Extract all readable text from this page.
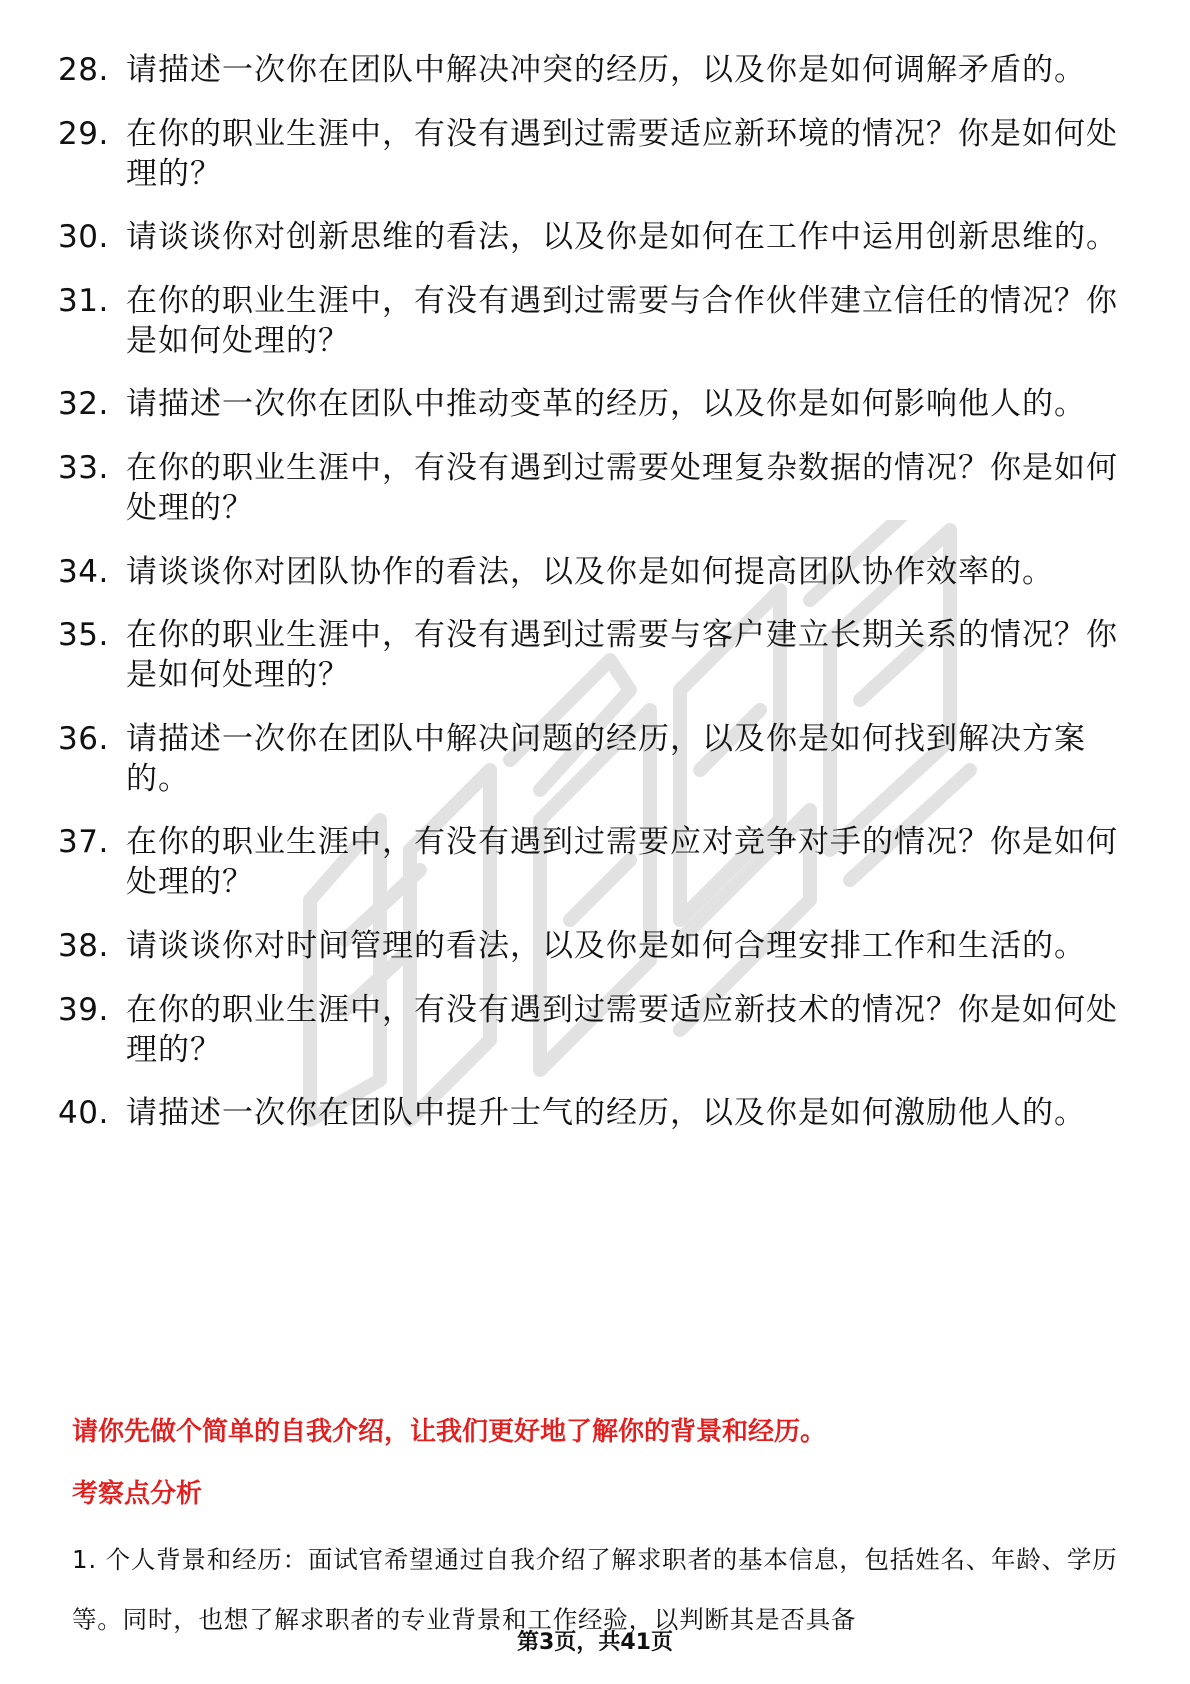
28. 请描述一次你在团队中解决冲突的经历，以及你是如何调解矛盾的。
29. 在你的职业生涯中，有没有遇到过需要适应新环境的情况？你是如何处理的？
30. 请谈谈你对创新思维的看法，以及你是如何在工作中运用创新思维的。
31. 在你的职业生涯中，有没有遇到过需要与合作伙伴建立信任的情况？你是如何处理的？
32. 请描述一次你在团队中推动变革的经历，以及你是如何影响他人的。
33. 在你的职业生涯中，有没有遇到过需要处理复杂数据的情况？你是如何处理的？
34. 请谈谈你对团队协作的看法，以及你是如何提高团队协作效率的。
35. 在你的职业生涯中，有没有遇到过需要与客户建立长期关系的情况？你是如何处理的？
36. 请描述一次你在团队中解决问题的经历，以及你是如何找到解决方案的。
37. 在你的职业生涯中，有没有遇到过需要应对竞争对手的情况？你是如何处理的？
38. 请谈谈你对时间管理的看法，以及你是如何合理安排工作和生活的。
39. 在你的职业生涯中，有没有遇到过需要适应新技术的情况？你是如何处理的？
40. 请描述一次你在团队中提升士气的经历，以及你是如何激励他人的。
请你先做个简单的自我介绍，让我们更好地了解你的背景和经历。
考察点分析

1. 个人背景和经历：面试官希望通过自我介绍了解求职者的基本信息，包括姓名、年龄、学历等。同时，也想了解求职者的专业背景和工作经验，以判断其是否具备

第3页，共41页
